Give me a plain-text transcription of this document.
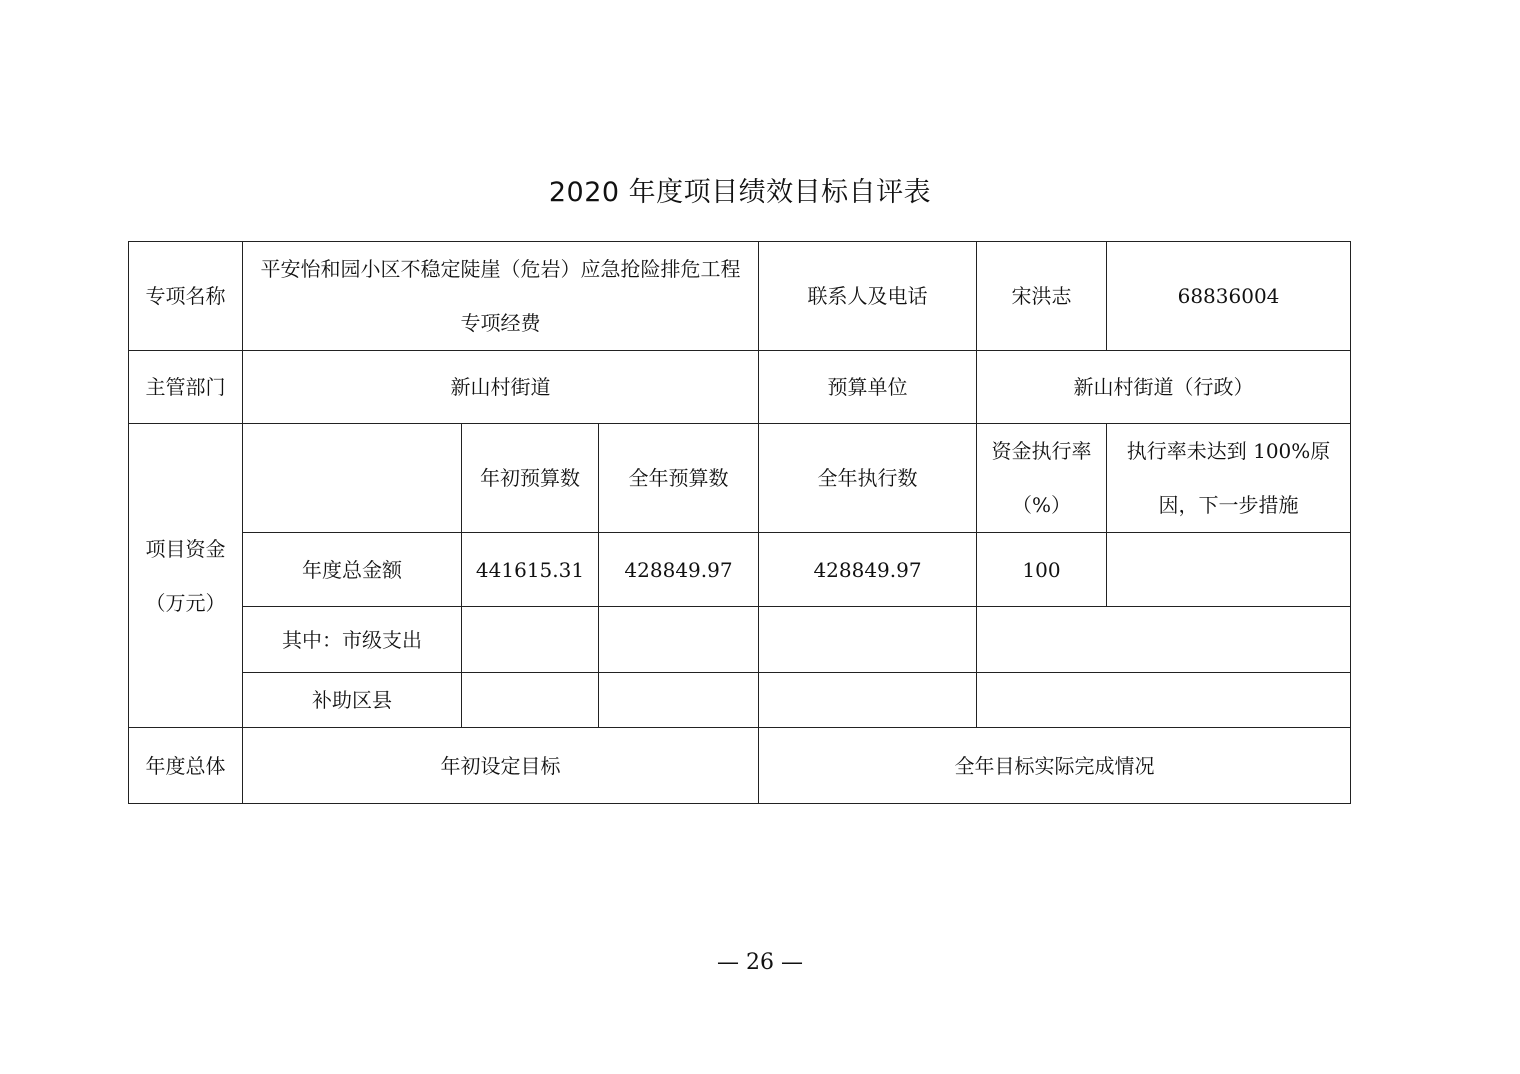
2020 年度项目绩效目标自评表
专项名称	平安怡和园小区不稳定陡崖（危岩）应急抢险排危工程专项经费			联系人及电话	宋洪志	68836004
主管部门	新山村街道			预算单位	新山村街道（行政）	
项目资金（万元）		年初预算数	全年预算数	全年执行数	资金执行率（%）	执行率未达到 100%原因，下一步措施
	年度总金额	441615.31	428849.97	428849.97	100	
	其中：市级支出					
	补助区县					
年度总体	年初设定目标			全年目标实际完成情况		
— 26 —
